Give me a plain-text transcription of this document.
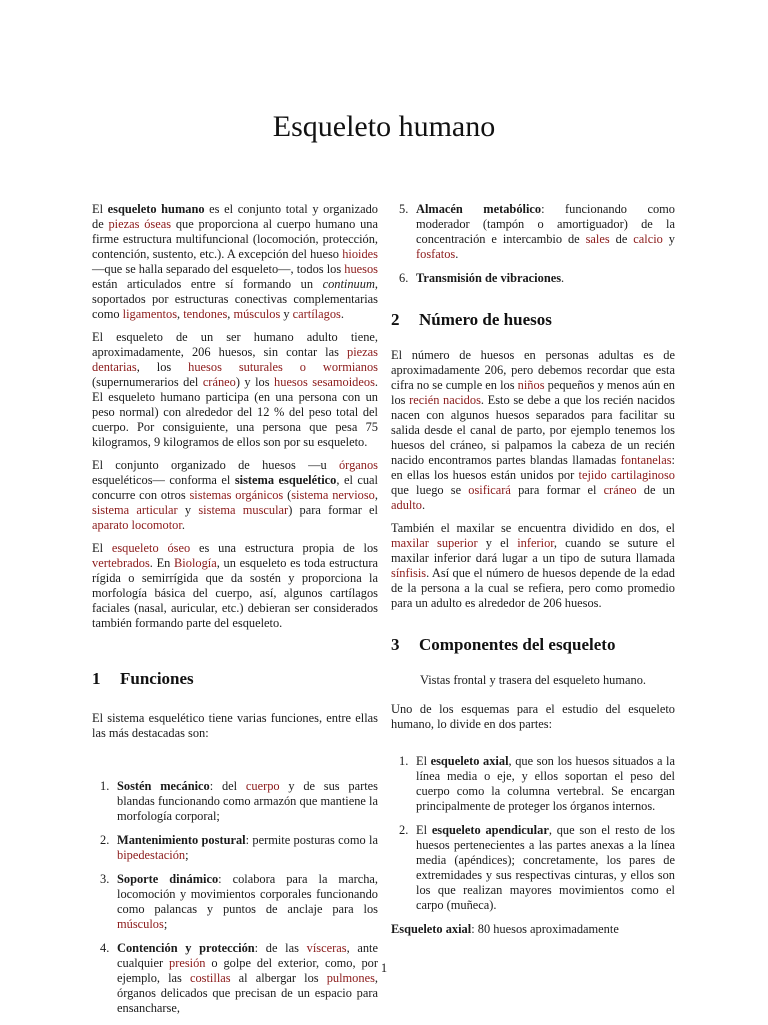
Esqueleto humano

El esqueleto humano es el conjunto total y organizado de piezas óseas que proporciona al cuerpo humano una firme estructura multifuncional (locomoción, protección, contención, sustento, etc.). A excepción del hueso hioides —que se halla separado del esqueleto—, todos los huesos están articulados entre sí formando un continuum, soportados por estructuras conectivas complementarias como ligamentos, tendones, músculos y cartílagos.

El esqueleto de un ser humano adulto tiene, aproximadamente, 206 huesos, sin contar las piezas dentarias, los huesos suturales o wormianos (supernumerarios del cráneo) y los huesos sesamoideos. El esqueleto humano participa (en una persona con un peso normal) con alrededor del 12 % del peso total del cuerpo. Por consiguiente, una persona que pesa 75 kilogramos, 9 kilogramos de ellos son por su esqueleto.

El conjunto organizado de huesos —u órganos esqueléticos— conforma el sistema esquelético, el cual concurre con otros sistemas orgánicos (sistema nervioso, sistema articular y sistema muscular) para formar el aparato locomotor.

El esqueleto óseo es una estructura propia de los vertebrados. En Biología, un esqueleto es toda estructura rígida o semirrígida que da sostén y proporciona la morfología básica del cuerpo, así, algunos cartílagos faciales (nasal, auricular, etc.) debieran ser considerados también formando parte del esqueleto.

1 Funciones

El sistema esquelético tiene varias funciones, entre ellas las más destacadas son:

1. Sostén mecánico: del cuerpo y de sus partes blandas funcionando como armazón que mantiene la morfología corporal;
2. Mantenimiento postural: permite posturas como la bipedestación;
3. Soporte dinámico: colabora para la marcha, locomoción y movimientos corporales funcionando como palancas y puntos de anclaje para los músculos;
4. Contención y protección: de las vísceras, ante cualquier presión o golpe del exterior, como, por ejemplo, las costillas al albergar los pulmones, órganos delicados que precisan de un espacio para ensancharse,
5. Almacén metabólico: funcionando como moderador (tampón o amortiguador) de la concentración e intercambio de sales de calcio y fosfatos.
6. Transmisión de vibraciones.
2 Número de huesos

El número de huesos en personas adultas es de aproximadamente 206, pero debemos recordar que esta cifra no se cumple en los niños pequeños y menos aún en los recién nacidos. Esto se debe a que los recién nacidos nacen con algunos huesos separados para facilitar su salida desde el canal de parto, por ejemplo tenemos los huesos del cráneo, si palpamos la cabeza de un recién nacido encontramos partes blandas llamadas fontanelas: en ellas los huesos están unidos por tejido cartilaginoso que luego se osificará para formar el cráneo de un adulto.

También el maxilar se encuentra dividido en dos, el maxilar superior y el inferior, cuando se suture el maxilar inferior dará lugar a un tipo de sutura llamada sínfisis. Así que el número de huesos depende de la edad de la persona a la cual se refiera, pero como promedio para un adulto es alrededor de 206 huesos.

3 Componentes del esqueleto

Vistas frontal y trasera del esqueleto humano.

Uno de los esquemas para el estudio del esqueleto humano, lo divide en dos partes:

1. El esqueleto axial, que son los huesos situados a la línea media o eje, y ellos soportan el peso del cuerpo como la columna vertebral. Se encargan principalmente de proteger los órganos internos.
2. El esqueleto apendicular, que son el resto de los huesos pertenecientes a las partes anexas a la línea media (apéndices); concretamente, los pares de extremidades y sus respectivas cinturas, y ellos son los que realizan mayores movimientos como el carpo (muñeca).

Esqueleto axial: 80 huesos aproximadamente

1
